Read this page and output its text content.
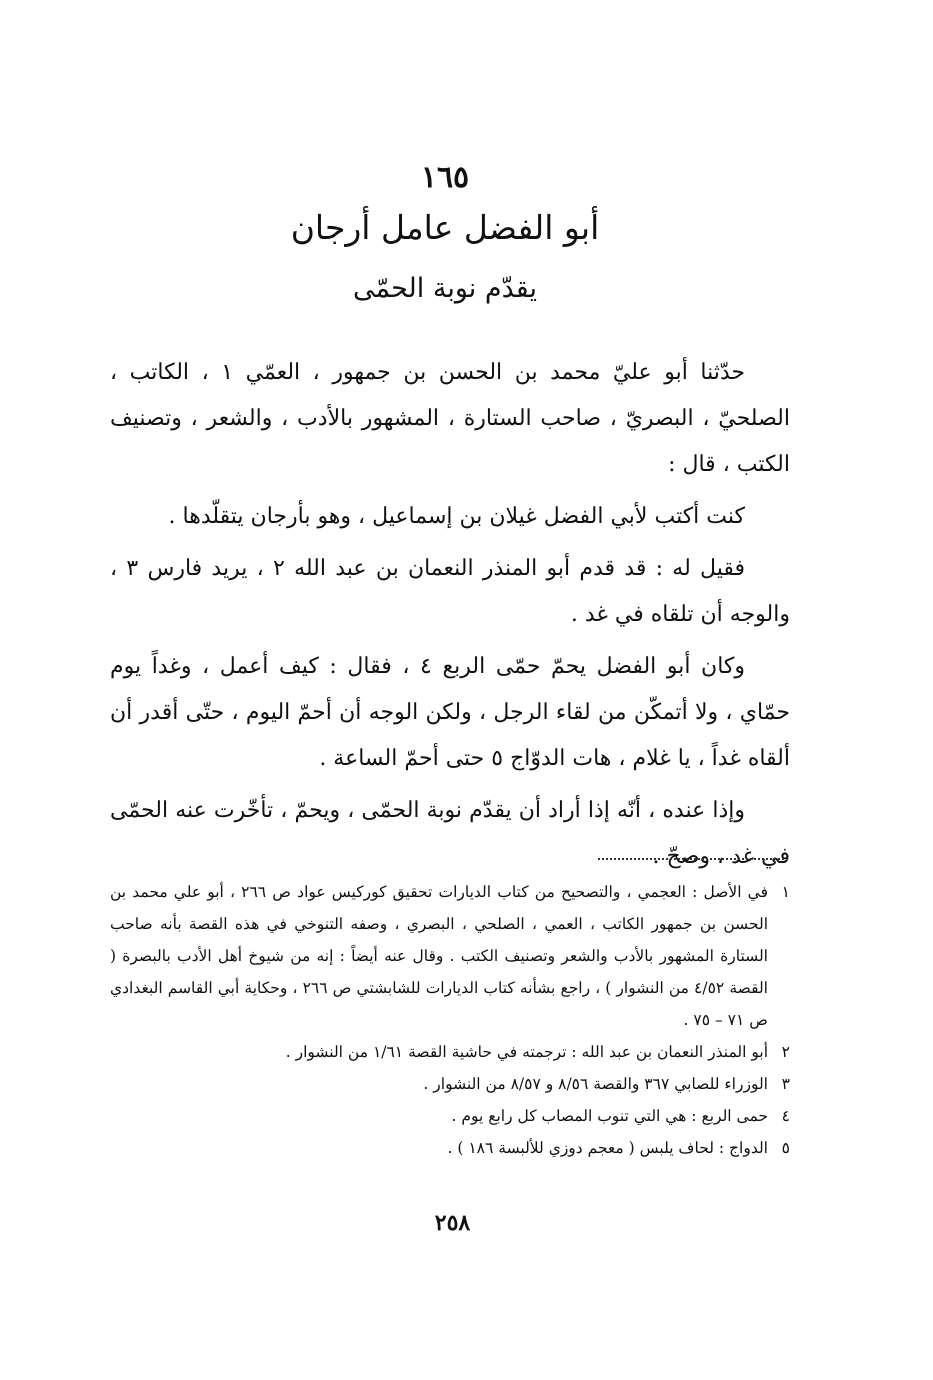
١٦٥
أبو الفضل عامل أرجان
يقدّم نوبة الحمّى

حدّثنا أبو عليّ محمد بن الحسن بن جمهور ، العمّي ١ ، الكاتب ، الصلحيّ ، البصريّ ، صاحب الستارة ، المشهور بالأدب ، والشعر ، وتصنيف الكتب ، قال :

كنت أكتب لأبي الفضل غيلان بن إسماعيل ، وهو بأرجان يتقلّدها .

فقيل له : قد قدم أبو المنذر النعمان بن عبد الله ٢ ، يريد فارس ٣ ، والوجه أن تلقاه في غد .

وكان أبو الفضل يحمّ حمّى الربع ٤ ، فقال : كيف أعمل ، وغداً يوم حمّاي ، ولا أتمكّن من لقاء الرجل ، ولكن الوجه أن أحمّ اليوم ، حتّى أقدر أن ألقاه غداً ، يا غلام ، هات الدوّاج ٥ حتى أحمّ الساعة .

وإذا عنده ، أنّه إذا أراد أن يقدّم نوبة الحمّى ، ويحمّ ، تأخّرت عنه الحمّى في غد ، وصحّ .

١
في الأصل : العجمي ، والتصحيح من كتاب الديارات تحقيق كوركيس عواد ص ٢٦٦ ، أبو علي محمد بن الحسن بن جمهور الكاتب ، العمي ، الصلحي ، البصري ، وصفه التنوخي في هذه القصة بأنه صاحب الستارة المشهور بالأدب والشعر وتصنيف الكتب . وقال عنه أيضاً : إنه من شيوخ أهل الأدب بالبصرة ( القصة ٤/٥٢ من النشوار ) ، راجع بشأنه كتاب الديارات للشابشتي ص ٢٦٦ ، وحكاية أبي القاسم البغدادي ص ٧١ – ٧٥ .
٢
أبو المنذر النعمان بن عبد الله : ترجمته في حاشية القصة ١/٦١ من النشوار .
٣
الوزراء للصابي ٣٦٧ والقصة ٨/٥٦ و ٨/٥٧ من النشوار .
٤
حمى الربع : هي التي تنوب المصاب كل رابع يوم .
٥
الدواج : لحاف يلبس ( معجم دوزي للألبسة ١٨٦ ) .
٢٥٨
